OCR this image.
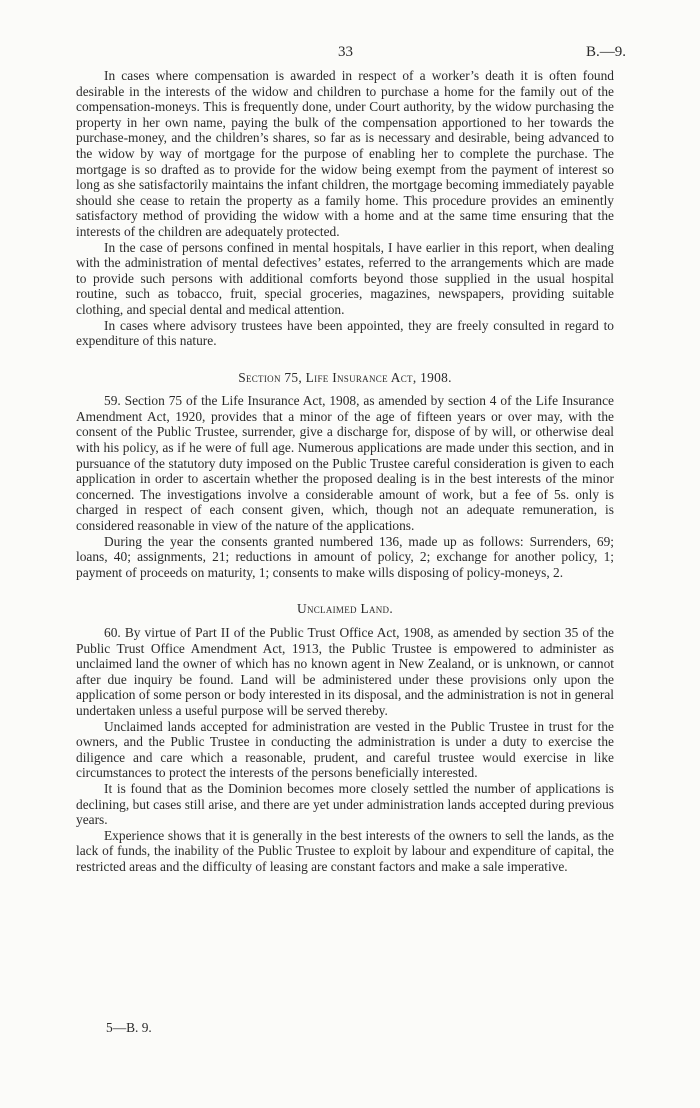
33	B.—9.

In cases where compensation is awarded in respect of a worker’s death it is often found desirable in the interests of the widow and children to purchase a home for the family out of the compensation-moneys. This is frequently done, under Court authority, by the widow purchasing the property in her own name, paying the bulk of the compensation apportioned to her towards the purchase-money, and the children’s shares, so far as is necessary and desirable, being advanced to the widow by way of mortgage for the purpose of enabling her to complete the purchase. The mortgage is so drafted as to provide for the widow being exempt from the payment of interest so long as she satisfactorily maintains the infant children, the mortgage becoming immediately payable should she cease to retain the property as a family home. This procedure provides an eminently satisfactory method of providing the widow with a home and at the same time ensuring that the interests of the children are adequately protected.

In the case of persons confined in mental hospitals, I have earlier in this report, when dealing with the administration of mental defectives’ estates, referred to the arrangements which are made to provide such persons with additional comforts beyond those supplied in the usual hospital routine, such as tobacco, fruit, special groceries, magazines, newspapers, providing suitable clothing, and special dental and medical attention.

In cases where advisory trustees have been appointed, they are freely consulted in regard to expenditure of this nature.

Section 75, Life Insurance Act, 1908.

59. Section 75 of the Life Insurance Act, 1908, as amended by section 4 of the Life Insurance Amendment Act, 1920, provides that a minor of the age of fifteen years or over may, with the consent of the Public Trustee, surrender, give a discharge for, dispose of by will, or otherwise deal with his policy, as if he were of full age. Numerous applications are made under this section, and in pursuance of the statutory duty imposed on the Public Trustee careful consideration is given to each application in order to ascertain whether the proposed dealing is in the best interests of the minor concerned. The investigations involve a considerable amount of work, but a fee of 5s. only is charged in respect of each consent given, which, though not an adequate remuneration, is considered reasonable in view of the nature of the applications.

During the year the consents granted numbered 136, made up as follows: Surrenders, 69; loans, 40; assignments, 21; reductions in amount of policy, 2; exchange for another policy, 1; payment of proceeds on maturity, 1; consents to make wills disposing of policy-moneys, 2.

Unclaimed Land.

60. By virtue of Part II of the Public Trust Office Act, 1908, as amended by section 35 of the Public Trust Office Amendment Act, 1913, the Public Trustee is empowered to administer as unclaimed land the owner of which has no known agent in New Zealand, or is unknown, or cannot after due inquiry be found. Land will be administered under these provisions only upon the application of some person or body interested in its disposal, and the administration is not in general undertaken unless a useful purpose will be served thereby.

Unclaimed lands accepted for administration are vested in the Public Trustee in trust for the owners, and the Public Trustee in conducting the administration is under a duty to exercise the diligence and care which a reasonable, prudent, and careful trustee would exercise in like circumstances to protect the interests of the persons beneficially interested.

It is found that as the Dominion becomes more closely settled the number of applications is declining, but cases still arise, and there are yet under administration lands accepted during previous years.

Experience shows that it is generally in the best interests of the owners to sell the lands, as the lack of funds, the inability of the Public Trustee to exploit by labour and expenditure of capital, the restricted areas and the difficulty of leasing are constant factors and make a sale imperative.

5—B. 9.
